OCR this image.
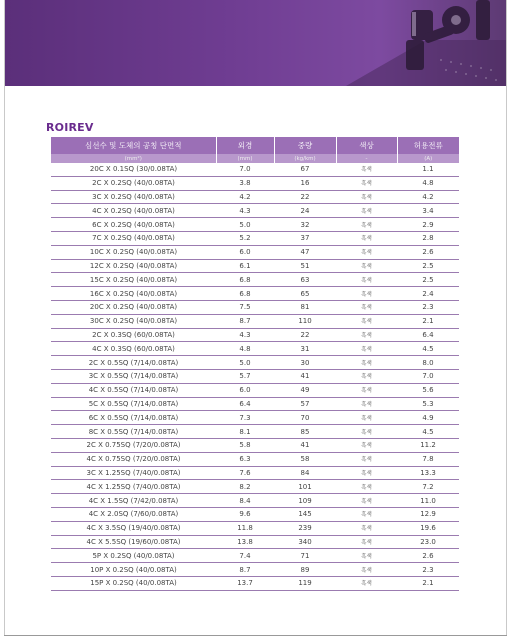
ROIREV
심선수 및 도체의 공칭 단면적	외경	중량	색상	허용전류
(mm²)	(mm)	(kg/km)	-	(A)
20C X 0.1SQ (30/0.08TA)	7.0	67	흑색	1.1
2C X 0.2SQ (40/0.08TA)	3.8	16	흑색	4.8
3C X 0.2SQ (40/0.08TA)	4.2	22	흑색	4.2
4C X 0.2SQ (40/0.08TA)	4.3	24	흑색	3.4
6C X 0.2SQ (40/0.08TA)	5.0	32	흑색	2.9
7C X 0.2SQ (40/0.08TA)	5.2	37	흑색	2.8
10C X 0.2SQ (40/0.08TA)	6.0	47	흑색	2.6
12C X 0.2SQ (40/0.08TA)	6.1	51	흑색	2.5
15C X 0.2SQ (40/0.08TA)	6.8	63	흑색	2.5
16C X 0.2SQ (40/0.08TA)	6.8	65	흑색	2.4
20C X 0.2SQ (40/0.08TA)	7.5	81	흑색	2.3
30C X 0.2SQ (40/0.08TA)	8.7	110	흑색	2.1
2C X 0.3SQ (60/0.08TA)	4.3	22	흑색	6.4
4C X 0.3SQ (60/0.08TA)	4.8	31	흑색	4.5
2C X 0.5SQ (7/14/0.08TA)	5.0	30	흑색	8.0
3C X 0.5SQ (7/14/0.08TA)	5.7	41	흑색	7.0
4C X 0.5SQ (7/14/0.08TA)	6.0	49	흑색	5.6
5C X 0.5SQ (7/14/0.08TA)	6.4	57	흑색	5.3
6C X 0.5SQ (7/14/0.08TA)	7.3	70	흑색	4.9
8C X 0.5SQ (7/14/0.08TA)	8.1	85	흑색	4.5
2C X 0.75SQ (7/20/0.08TA)	5.8	41	흑색	11.2
4C X 0.75SQ (7/20/0.08TA)	6.3	58	흑색	7.8
3C X 1.25SQ (7/40/0.08TA)	7.6	84	흑색	13.3
4C X 1.25SQ (7/40/0.08TA)	8.2	101	흑색	7.2
4C X 1.5SQ (7/42/0.08TA)	8.4	109	흑색	11.0
4C X 2.0SQ (7/60/0.08TA)	9.6	145	흑색	12.9
4C X 3.5SQ (19/40/0.08TA)	11.8	239	흑색	19.6
4C X 5.5SQ (19/60/0.08TA)	13.8	340	흑색	23.0
5P X 0.2SQ (40/0.08TA)	7.4	71	흑색	2.6
10P X 0.2SQ (40/0.08TA)	8.7	89	흑색	2.3
15P X 0.2SQ (40/0.08TA)	13.7	119	흑색	2.1
